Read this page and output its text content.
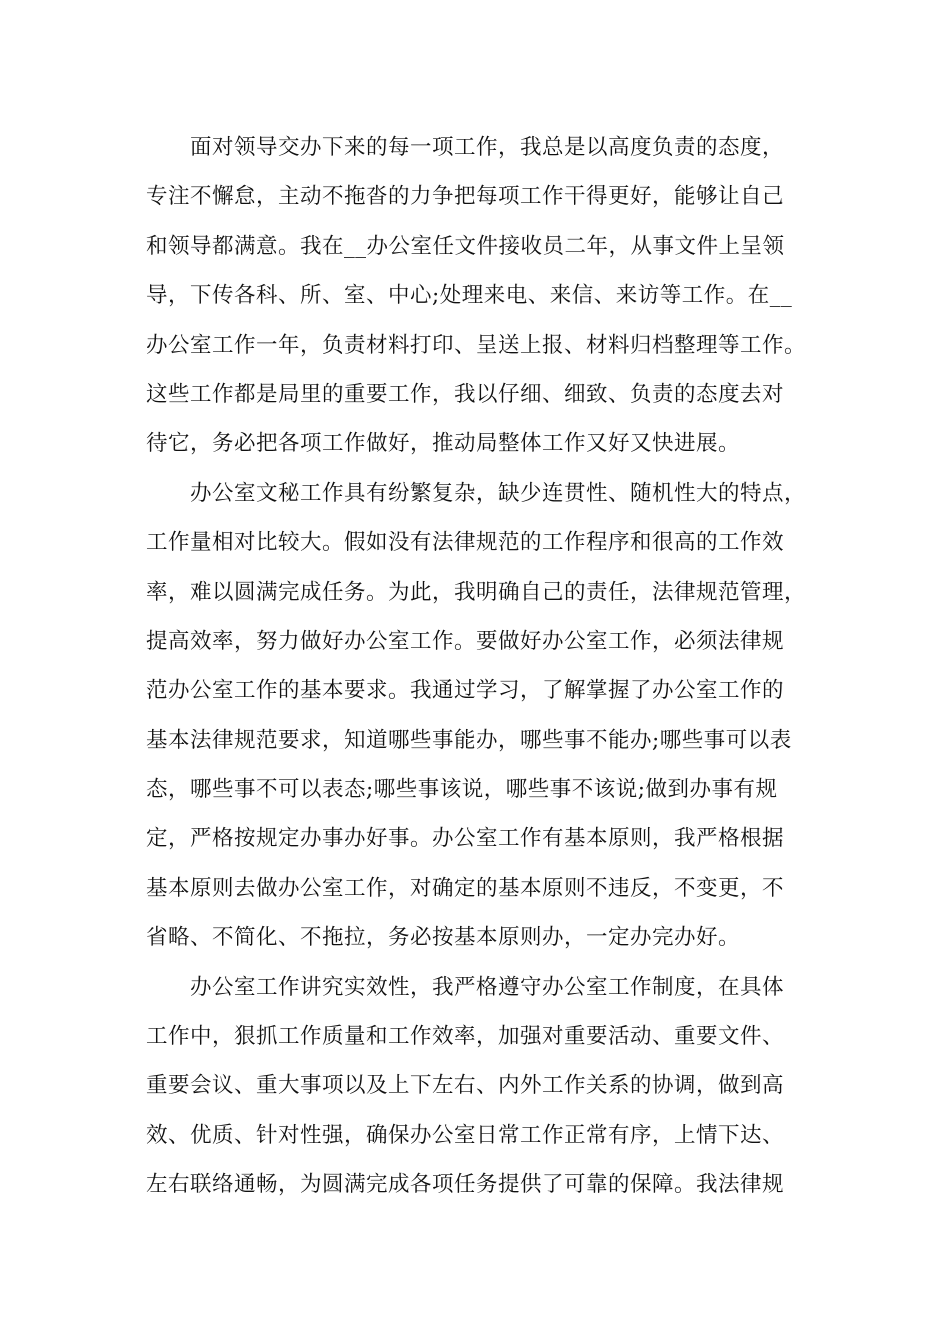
面对领导交办下来的每一项工作，我总是以高度负责的态度，
专注不懈怠，主动不拖沓的力争把每项工作干得更好，能够让自己
和领导都满意。我在__办公室任文件接收员二年，从事文件上呈领
导，下传各科、所、室、中心;处理来电、来信、来访等工作。在__
办公室工作一年，负责材料打印、呈送上报、材料归档整理等工作。
这些工作都是局里的重要工作，我以仔细、细致、负责的态度去对
待它，务必把各项工作做好，推动局整体工作又好又快进展。
办公室文秘工作具有纷繁复杂，缺少连贯性、随机性大的特点，
工作量相对比较大。假如没有法律规范的工作程序和很高的工作效
率，难以圆满完成任务。为此，我明确自己的责任，法律规范管理，
提高效率，努力做好办公室工作。要做好办公室工作，必须法律规
范办公室工作的基本要求。我通过学习，了解掌握了办公室工作的
基本法律规范要求，知道哪些事能办，哪些事不能办;哪些事可以表
态，哪些事不可以表态;哪些事该说，哪些事不该说;做到办事有规
定，严格按规定办事办好事。办公室工作有基本原则，我严格根据
基本原则去做办公室工作，对确定的基本原则不违反，不变更，不
省略、不简化、不拖拉，务必按基本原则办，一定办完办好。
办公室工作讲究实效性，我严格遵守办公室工作制度，在具体
工作中，狠抓工作质量和工作效率，加强对重要活动、重要文件、
重要会议、重大事项以及上下左右、内外工作关系的协调，做到高
效、优质、针对性强，确保办公室日常工作正常有序，上情下达、
左右联络通畅，为圆满完成各项任务提供了可靠的保障。我法律规
